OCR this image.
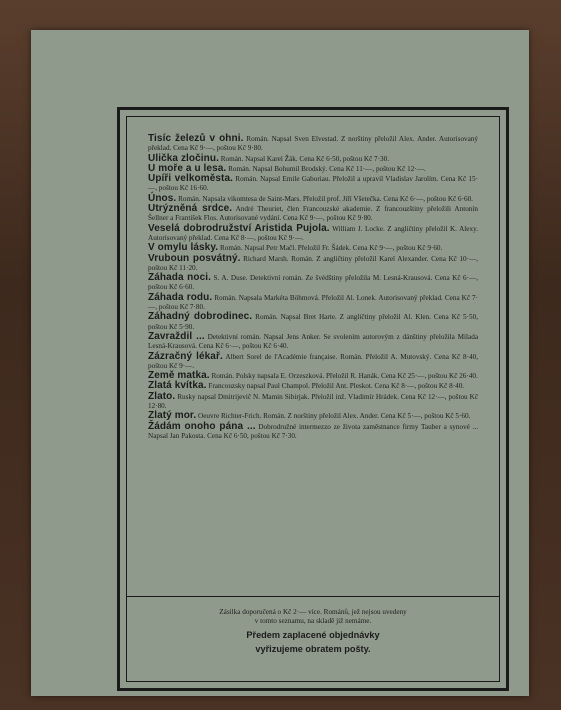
Tisíc železů v ohni. Román. Napsal Sven Elvestad. Z norštiny přeložil Alex. Ander. Autorisovaný překlad. Cena Kč 9·—, poštou Kč 9·80.

Ulička zločinu. Román. Napsal Karel Žák. Cena Kč 6·50, poštou Kč 7·30.

U moře a u lesa. Román. Napsal Bohumil Brodský. Cena Kč 11·—, poštou Kč 12·—.

Upíři velkoměsta. Román. Napsal Emile Gaboriau. Přeložil a upravil Vladislav Jarolím. Cena Kč 15·—, poštou Kč 16·60.

Únos. Román. Napsala vikomtesa de Saint-Mars. Přeložil prof. Jiří Všetečka. Cena Kč 6·—, poštou Kč 6·60.

Utrýzněná srdce. André Theuriet, člen Francouzské akademie. Z francouzštiny přeložili Antonín Šellner a František Flos. Autorisované vydání. Cena Kč 9·—, poštou Kč 9·80.

Veselá dobrodružství Aristida Pujola. William J. Locke. Z angličtiny přeložil K. Alexy. Autorisovaný překlad. Cena Kč 8·—, poštou Kč 9·—.

V omylu lásky. Román. Napsal Petr Mačl. Přeložil Fr. Šádek. Cena Kč 9·—, poštou Kč 9·60.

Vruboun posvátný. Richard Marsh. Román. Z angličtiny přeložil Karel Alexander. Cena Kč 10·—, poštou Kč 11·20.

Záhada noci. S. A. Duse. Detektivní román. Ze švédštiny přeložila M. Lesná-Krausová. Cena Kč 6·—, poštou Kč 6·60.

Záhada rodu. Román. Napsala Markéta Böhmová. Přeložil Al. Lonek. Autorisovaný překlad. Cena Kč 7·—, poštou Kč 7·80.

Záhadný dobrodinec. Román. Napsal Bret Harte. Z angličtiny přeložil Al. Klen. Cena Kč 5·50, poštou Kč 5·90.

Zavraždil ... Detektivní román. Napsal Jens Anker. Se svolením autorovým z dánštiny přeložila Milada Lesná-Krausová. Cena Kč 6·—, poštou Kč 6·40.

Zázračný lékař. Albert Sorel de l'Académie française. Román. Přeložil A. Mutovský. Cena Kč 8·40, poštou Kč 9·—.

Země matka. Román. Polsky napsala E. Orzeszková. Přeložil R. Hanák. Cena Kč 25·—, poštou Kč 26·40.

Zlatá kvítka. Francouzsky napsal Paul Champol. Přeložil Ant. Pleskot. Cena Kč 8·—, poštou Kč 8·40.

Zlato. Rusky napsal Dmitrijevič N. Mamin Sibirjak. Přeložil inž. Vladimír Hrádek. Cena Kč 12·—, poštou Kč 12·80.

Zlatý mor. Oeuvre Richter-Frich. Román. Z norštiny přeložil Alex. Ander. Cena Kč 5·—, poštou Kč 5·60.

Žádám onoho pána ... Dobrodružné intermezzo ze života zaměstnance firmy Tauber a synové ... Napsal Jan Pakosta. Cena Kč 6·50, poštou Kč 7·30.

Zásilka doporučená o Kč 2·— více. Románů, jež nejsou uvedeny
v tomto seznamu, na skladě již nemáme.
Předem zaplacené objednávky
vyřizujeme obratem pošty.
